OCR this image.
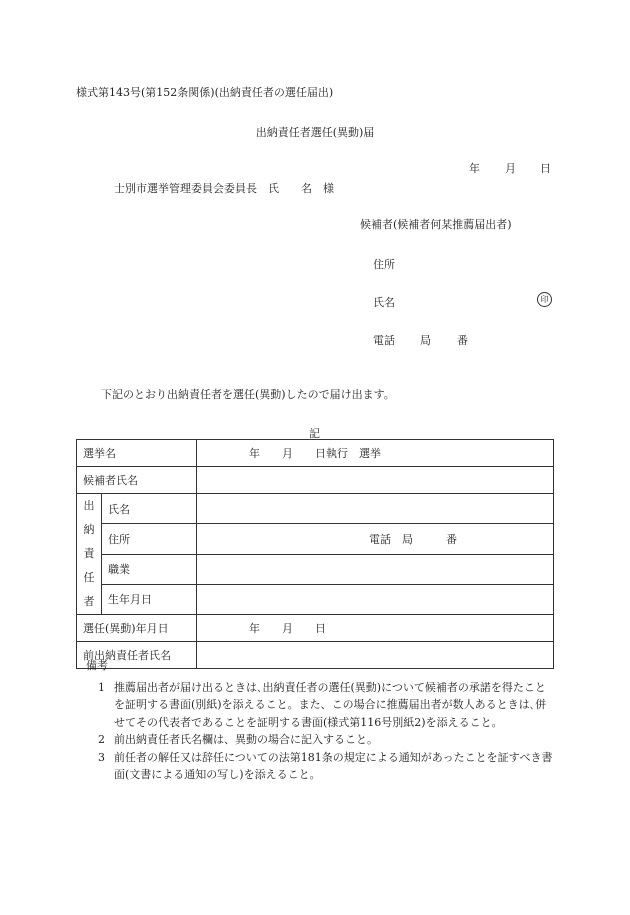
様式第143号(第152条関係)(出納責任者の選任届出)
出納責任者選任(異動)届
年 月 日
士別市選挙管理委員会委員長　氏　　名　様
候補者(候補者何某推薦届出者)
住所
氏名	印
電話 局 番
下記のとおり出納責任者を選任(異動)したので届け出ます。
記
選挙名		年　　月　　日執行　選挙
候補者氏名		

出
納
責
任
者	氏名	
	住所	電話　局　　　番
	職業	
	生年月日	
選任(異動)年月日		年　　月　　日
前出納責任者氏名		
備考
1 推薦届出者が届け出るときは､出納責任者の選任(異動)について候補者の承諾を得たことを証明する書面(別紙)を添えること。また、この場合に推薦届出者が数人あるときは､併せてその代表者であることを証明する書面(様式第116号別紙2)を添えること。
2 前出納責任者氏名欄は、異動の場合に記入すること。
3 前任者の解任又は辞任についての法第181条の規定による通知があったことを証すべき書面(文書による通知の写し)を添えること。
